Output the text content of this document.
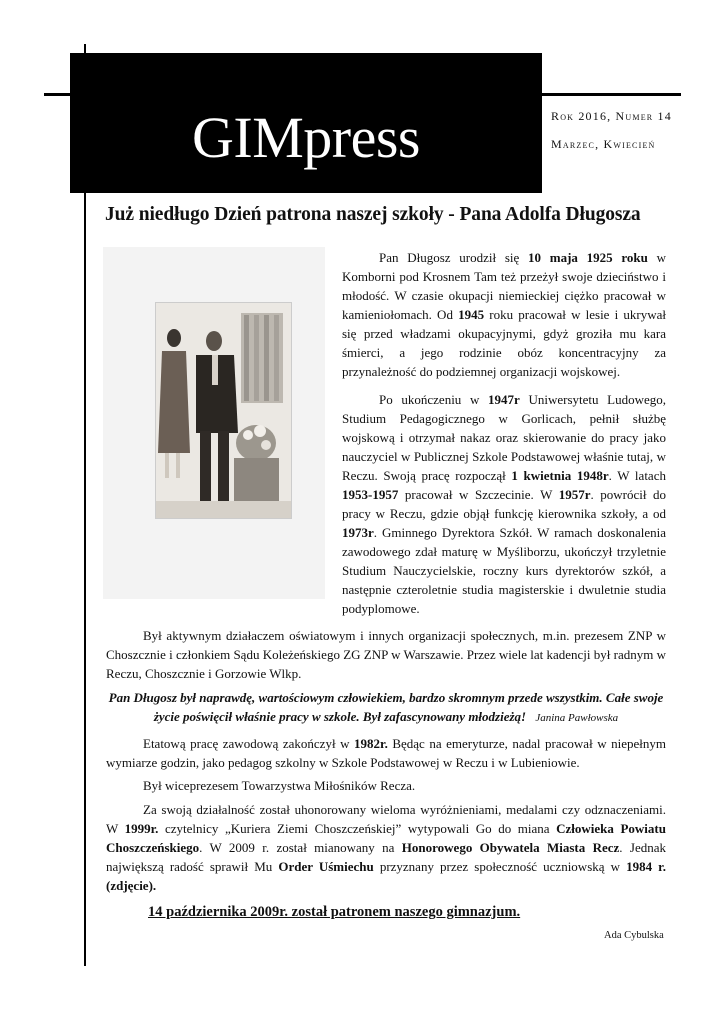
GIMpress	Rok 2016, Numer 14
Marzec, Kwiecień
Już niedługo Dzień patrona naszej szkoły - Pana Adolfa Długosza

Pan Długosz urodził się 10 maja 1925 roku w Komborni pod Krosnem Tam też przeżył swoje dzieciństwo i młodość. W czasie okupacji niemieckiej ciężko pracował w kamieniołomach. Od 1945 roku pracował w lesie i ukrywał się przed władzami okupacyjnymi, gdyż groziła mu kara śmierci, a jego rodzinie obóz koncentracyjny za przynależność do podziemnej organizacji wojskowej.

Po ukończeniu w 1947r Uniwersytetu Ludowego, Studium Pedagogicznego w Gorlicach, pełnił służbę wojskową i otrzymał nakaz oraz skierowanie do pracy jako nauczyciel w Publicznej Szkole Podstawowej właśnie tutaj, w Reczu. Swoją pracę rozpoczął 1 kwietnia 1948r. W latach 1953-1957 pracował w Szczecinie. W 1957r. powrócił do pracy w Reczu, gdzie objął funkcję kierownika szkoły, a od 1973r. Gminnego Dyrektora Szkół. W ramach doskonalenia zawodowego zdał maturę w Myśliborzu, ukończył trzyletnie Studium Nauczycielskie, roczny kurs dyrektorów szkół, a następnie czteroletnie studia magisterskie i dwuletnie studia podyplomowe.

Był aktywnym działaczem oświatowym i innych organizacji społecznych, m.in. prezesem ZNP w Choszcznie i członkiem Sądu Koleżeńskiego ZG ZNP w Warszawie. Przez wiele lat kadencji był radnym w Reczu, Choszcznie i Gorzowie Wlkp.

Pan Długosz był naprawdę, wartościowym człowiekiem, bardzo skromnym przede wszystkim. Całe swoje życie poświęcił właśnie pracy w szkole. Był zafascynowany młodzieżą! Janina Pawłowska

Etatową pracę zawodową zakończył w 1982r. Będąc na emeryturze, nadal pracował w niepełnym wymiarze godzin, jako pedagog szkolny w Szkole Podstawowej w Reczu i w Lubieniowie.

Był wiceprezesem Towarzystwa Miłośników Recza.

Za swoją działalność został uhonorowany wieloma wyróżnieniami, medalami czy odznaczeniami. W 1999r. czytelnicy „Kuriera Ziemi Choszczeńskiej” wytypowali Go do miana Człowieka Powiatu Choszczeńskiego. W 2009 r. został mianowany na Honorowego Obywatela Miasta Recz. Jednak największą radość sprawił Mu Order Uśmiechu przyznany przez społeczność uczniowską w 1984 r. (zdjęcie).

14 października 2009r. został patronem naszego gimnazjum.
Ada Cybulska
